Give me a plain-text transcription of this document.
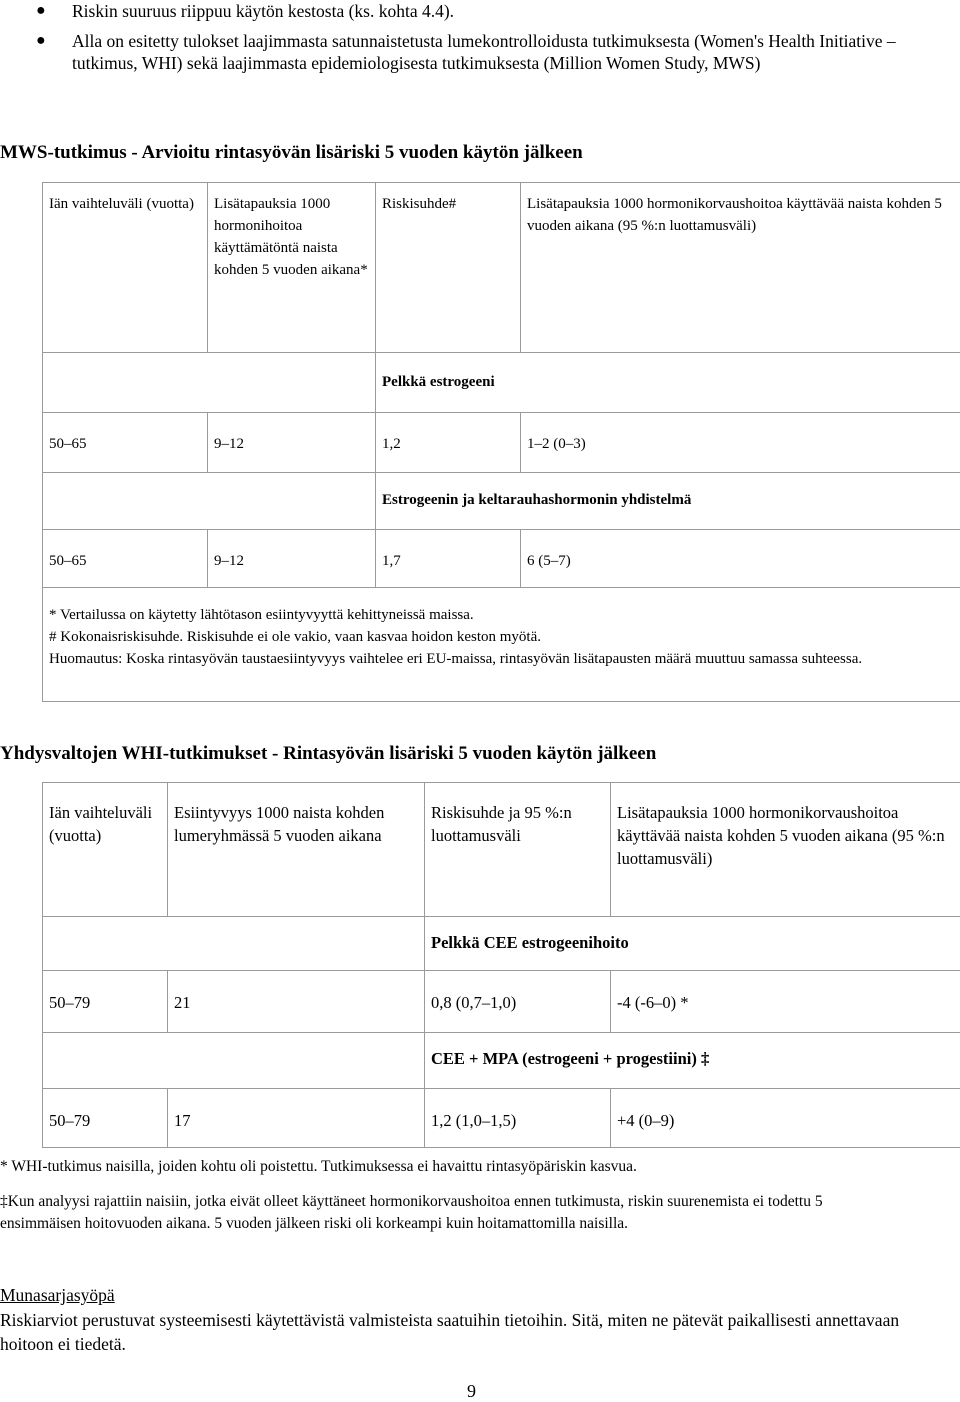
● Riskin suuruus riippuu käytön kestosta (ks. kohta 4.4).
● Alla on esitetty tulokset laajimmasta satunnaistetusta lumekontrolloidusta tutkimuksesta (Women's Health Initiative –tutkimus, WHI) sekä laajimmasta epidemiologisesta tutkimuksesta (Million Women Study, MWS)
MWS-tutkimus - Arvioitu rintasyövän lisäriski 5 vuoden käytön jälkeen
Iän vaihteluväli (vuotta)	Lisätapauksia 1000 hormonihoitoa käyttämätöntä naista kohden 5 vuoden aikana*	Riskisuhde#	Lisätapauksia 1000 hormonikorvaushoitoa käyttävää naista kohden 5 vuoden aikana (95 %:n luottamusväli)
		Pelkkä estrogeeni	
50–65	9–12	1,2	1–2 (0–3)
		Estrogeenin ja keltarauhashormonin yhdistelmä	
50–65	9–12	1,7	6 (5–7)

* Vertailussa on käytetty lähtötason esiintyvyyttä kehittyneissä maissa.

# Kokonaisriskisuhde. Riskisuhde ei ole vakio, vaan kasvaa hoidon keston myötä.

Huomautus: Koska rintasyövän taustaesiintyvyys vaihtelee eri EU-maissa, rintasyövän lisätapausten määrä muuttuu samassa suhteessa.			

Yhdysvaltojen WHI-tutkimukset - Rintasyövän lisäriski 5 vuoden käytön jälkeen
Iän vaihteluväli (vuotta)	Esiintyvyys 1000 naista kohden lumeryhmässä 5 vuoden aikana	Riskisuhde ja 95 %:n luottamusväli	Lisätapauksia 1000 hormonikorvaushoitoa käyttävää naista kohden 5 vuoden aikana (95 %:n luottamusväli)
		Pelkkä CEE estrogeenihoito	
50–79	21	0,8 (0,7–1,0)	-4 (-6–0) *
		CEE + MPA (estrogeeni + progestiini) ‡	
50–79	17	1,2 (1,0–1,5)	+4 (0–9)
* WHI-tutkimus naisilla, joiden kohtu oli poistettu. Tutkimuksessa ei havaittu rintasyöpäriskin kasvua.
‡Kun analyysi rajattiin naisiin, jotka eivät olleet käyttäneet hormonikorvaushoitoa ennen tutkimusta, riskin suurenemista ei todettu 5 ensimmäisen hoitovuoden aikana. 5 vuoden jälkeen riski oli korkeampi kuin hoitamattomilla naisilla.
Munasarjasyöpä
Riskiarviot perustuvat systeemisesti käytettävistä valmisteista saatuihin tietoihin. Sitä, miten ne pätevät paikallisesti annettavaan hoitoon ei tiedetä.
9
